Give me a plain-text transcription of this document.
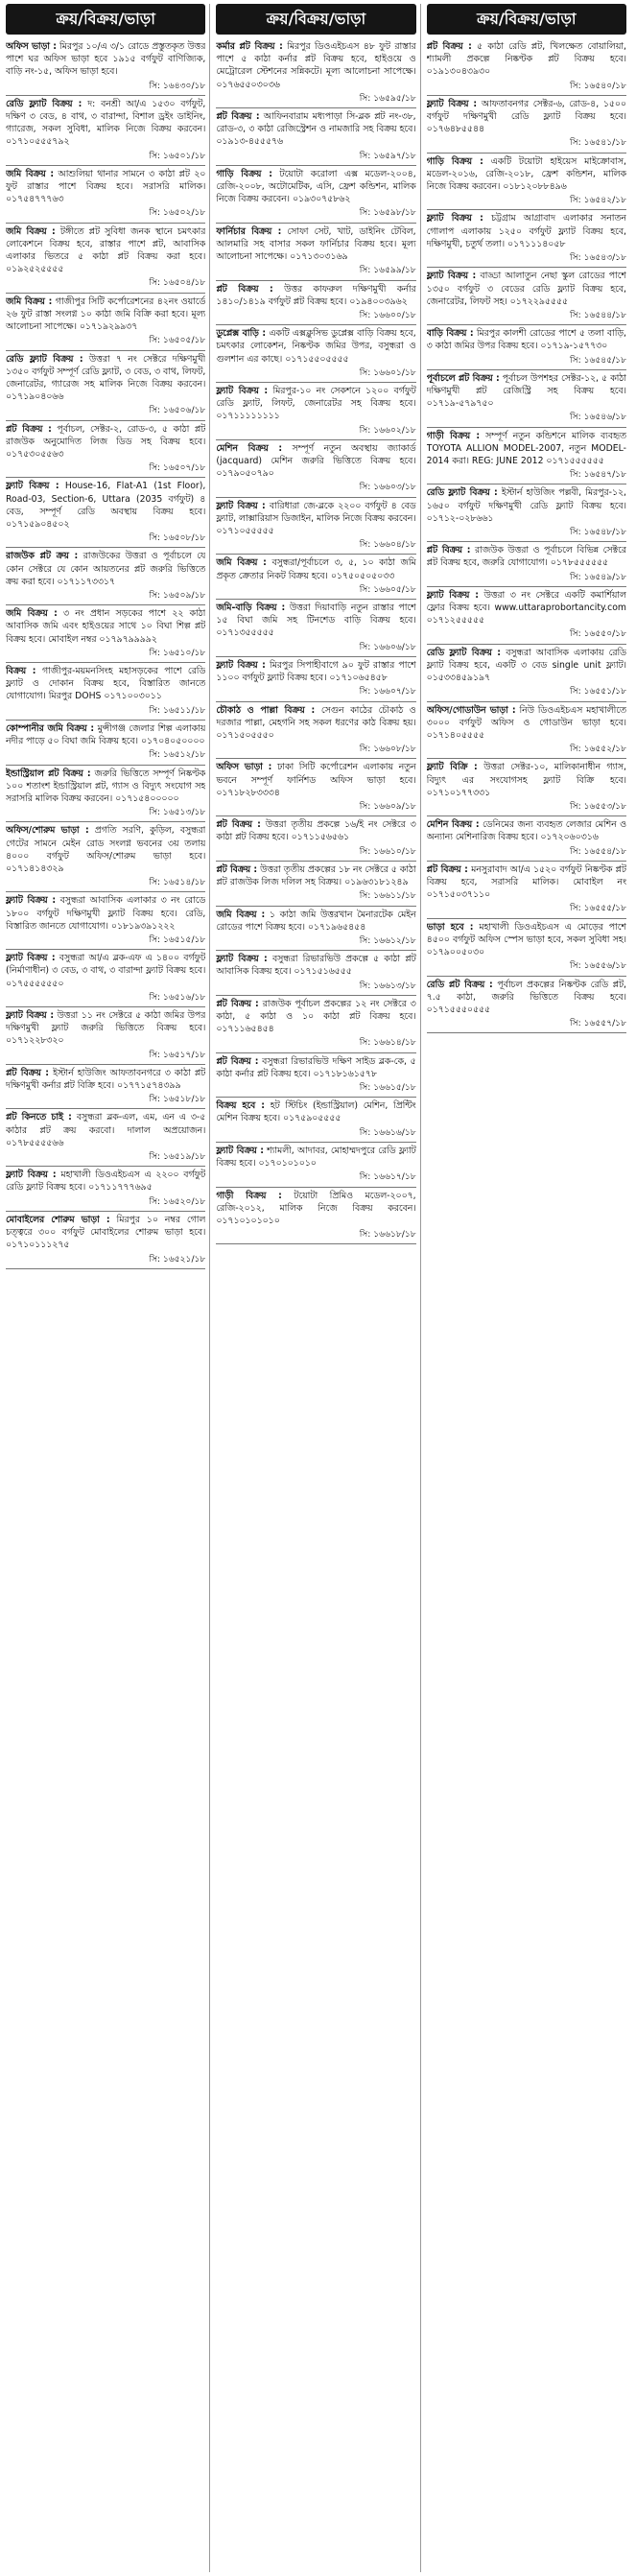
ক্রয়/বিক্রয়/ভাড়া
অফিস ভাড়া : মিরপুর ১০/এ ৩/১ রোডে প্রস্তুতকৃত উত্তর পাশে ঘর অফিস ভাড়া হবে ১৯১৫ বর্গফুট বাণিজ্যিক, বাড়ি নং-১৫, অফিস ভাড়া হবে।
সি: ১৬৪৩০/১৮
রেডি ফ্ল্যাট বিক্রয় : দ: বনশ্রী আ/এ ১৫৩০ বর্গফুট, দক্ষিণ ৩ বেড, ৪ বাথ, ৩ বারান্দা, বিশাল ড্রইং ডাইনিং, গ্যারেজ, সকল সুবিধা, মালিক নিজে বিক্রয় করবেন। ০১৭১০৫৫৫৭৯২
সি: ১৬৫০১/১৮
জমি বিক্রয় : আশুলিয়া থানার সামনে ৩ কাঠা প্লট ২০ ফুট রাস্তার পাশে বিক্রয় হবে। সরাসরি মালিক। ০১৭৫৪৭৭৭৬৩
সি: ১৬৫০২/১৮
জমি বিক্রয় : টঙ্গীতে প্লট সুবিধা জনক স্থানে চমৎকার লোকেশনে বিক্রয় হবে, রাস্তার পাশে প্লট, আবাসিক এলাকার ভিতরে ৫ কাঠা প্লট বিক্রয় করা হবে। ০১৯২৫২৫৫৫৫
সি: ১৬৫০৪/১৮
জমি বিক্রয় : গাজীপুর সিটি কর্পোরেশনের ৪২নং ওয়ার্ডে ২৬ ফুট রাস্তা সংলগ্ন ১০ কাঠা জমি বিক্রি করা হবে। মূল্য আলোচনা সাপেক্ষে। ০১৭১৯২৯৯৩৭
সি: ১৬৫০৫/১৮
রেডি ফ্ল্যাট বিক্রয় : উত্তরা ৭ নং সেক্টরে দক্ষিণমুখী ১৩৫০ বর্গফুট সম্পূর্ণ রেডি ফ্ল্যাট, ৩ বেড, ৩ বাথ, লিফট, জেনারেটর, গ্যারেজ সহ মালিক নিজে বিক্রয় করবেন। ০১৭১৯০৪০৬৬
সি: ১৬৫০৬/১৮
প্লট বিক্রয় : পূর্বাচল, সেক্টর-২, রোড-৩, ৫ কাঠা প্লট রাজউক অনুমোদিত লিজ ডিড সহ বিক্রয় হবে। ০১৭৫৩০৫৫৬৩
সি: ১৬৫০৭/১৮
ফ্ল্যাট বিক্রয় : House-16, Flat-A1 (1st Floor), Road-03, Section-6, Uttara (2035 বর্গফুট) ৪ বেড, সম্পূর্ণ রেডি অবস্থায় বিক্রয় হবে। ০১৭১৫৯০৪৫০২
সি: ১৬৫০৮/১৮
রাজউক প্লট ক্রয় : রাজউকের উত্তরা ও পূর্বাচলে যে কোন সেক্টরে যে কোন আয়তনের প্লট জরুরি ভিত্তিতে ক্রয় করা হবে। ০১৭১১৭৩৩১৭
সি: ১৬৫০৯/১৮
জমি বিক্রয় : ৩ নং প্রধান সড়কের পাশে ২২ কাঠা আবাসিক জমি এবং হাইওয়ের সাথে ১০ বিঘা শিল্প প্লট বিক্রয় হবে। মোবাইল নম্বর ০১৭৯৭৯৯৯৯২
সি: ১৬৫১০/১৮
বিক্রয় : গাজীপুর-ময়মনসিংহ মহাসড়কের পাশে রেডি ফ্ল্যাট ও দোকান বিক্রয় হবে, বিস্তারিত জানতে যোগাযোগ। মিরপুর DOHS ০১৭১০০৩০১১
সি: ১৬৫১১/১৮
কোম্পানীর জমি বিক্রয় : মুন্সীগঞ্জ জেলার শিল্প এলাকায় নদীর পাড়ে ৫০ বিঘা জমি বিক্রয় হবে। ০১৭০৪০৫০০০০
সি: ১৬৫১২/১৮
ইন্ডাস্ট্রিয়াল প্লট বিক্রয় : জরুরি ভিত্তিতে সম্পূর্ণ নিষ্কণ্টক ১০০ শতাংশ ইন্ডাস্ট্রিয়াল প্লট, গ্যাস ও বিদ্যুৎ সংযোগ সহ সরাসরি মালিক বিক্রয় করবেন। ০১৭১৫৪০০০০০
সি: ১৬৫১৩/১৮
অফিস/শোরুম ভাড়া : প্রগতি সরণি, কুড়িল, বসুন্ধরা গেটের সামনে মেইন রোড সংলগ্ন ভবনের ৩য় তলায় ৪০০০ বর্গফুট অফিস/শোরুম ভাড়া হবে। ০১৭১৪১৪৩২৯
সি: ১৬৫১৪/১৮
ফ্ল্যাট বিক্রয় : বসুন্ধরা আবাসিক এলাকার ৩ নং রোডে ১৮০০ বর্গফুট দক্ষিণমুখী ফ্ল্যাট বিক্রয় হবে। রেডি, বিস্তারিত জানতে যোগাযোগ। ০১৮১৯৩৯১২২২
সি: ১৬৫১৫/১৮
ফ্ল্যাট বিক্রয় : বসুন্ধরা আ/এ ব্লক-এফ এ ১৪০০ বর্গফুট (নির্মাণাধীন) ৩ বেড, ৩ বাথ, ৩ বারান্দা ফ্ল্যাট বিক্রয় হবে। ০১৭৫৫৫৫৫৫০
সি: ১৬৫১৬/১৮
ফ্ল্যাট বিক্রয় : উত্তরা ১১ নং সেক্টরে ৫ কাঠা জমির উপর দক্ষিণমুখী ফ্ল্যাট জরুরি ভিত্তিতে বিক্রয় হবে। ০১৭১২২৮৩২০
সি: ১৬৫১৭/১৮
প্লট বিক্রয় : ইস্টার্ন হাউজিং আফতাবনগরে ৩ কাঠা প্লট দক্ষিণমুখী কর্নার প্লট বিক্রি হবে। ০১৭৭১৫৭৪৩৯৯
সি: ১৬৫১৮/১৮
প্লট কিনতে চাই : বসুন্ধরা ব্লক-এল, এম, এন এ ৩-৫ কাঠার প্লট ক্রয় করবো। দালাল অপ্রয়োজন। ০১৭৮৫৫৫৫৬৬
সি: ১৬৫১৯/১৮
ফ্ল্যাট বিক্রয় : মহাখালী ডিওএইচএস এ ২২০০ বর্গফুট রেডি ফ্ল্যাট বিক্রয় হবে। ০১৭১১৭৭৭৬৯৫
সি: ১৬৫২০/১৮
মোবাইলের শোরুম ভাড়া : মিরপুর ১০ নম্বর গোল চত্ত্বরে ৩০০ বর্গফুট মোবাইলের শোরুম ভাড়া হবে। ০১৭১০১১১২৭৫
সি: ১৬৫২১/১৮
ক্রয়/বিক্রয়/ভাড়া
কর্মার প্লট বিক্রয় : মিরপুর ডিওএইচএস ৪৮ ফুট রাস্তার পাশে ৫ কাঠা কর্নার প্লট বিক্রয় হবে, হাইওয়ে ও মেট্রোরেল স্টেশনের সন্নিকটে। মূল্য আলোচনা সাপেক্ষে। ০১৭৬৫৫০৩০৩৬
সি: ১৬৫৯৫/১৮
প্লট বিক্রয় : আফিনবারাম মধ্যপাড়া সি-ব্লক প্লট নং-৩৮, রোড-৩, ৩ কাঠা রেজিস্ট্রেশন ও নামজারি সহ বিক্রয় হবে। ০১৯১৩-৪৫৫৫৭৬
সি: ১৬৫৯৭/১৮
গাড়ি বিক্রয় : টয়োটা করোলা এক্স মডেল-২০০৪, রেজি-২০০৮, অটোমেটিক, এসি, ফ্রেশ কন্ডিশন, মালিক নিজে বিক্রয় করবেন। ০১৯৩০৭৫৮৬২
সি: ১৬৫৯৮/১৮
ফার্নিচার বিক্রয় : সোফা সেট, খাট, ডাইনিং টেবিল, আলমারি সহ বাসার সকল ফার্নিচার বিক্রয় হবে। মূল্য আলোচনা সাপেক্ষে। ০১৭১৩০৩১৬৯
সি: ১৬৫৯৯/১৮
প্লট বিক্রয় : উত্তর কাফরুল দক্ষিণমুখী কর্নার ১৪১০/১৪১৯ বর্গফুট প্লট বিক্রয় হবে। ০১৯৪০০৩৯৬২
সি: ১৬৬০০/১৮
ডুপ্লেক্স বাড়ি : একটি এক্সক্লুসিভ ডুপ্লেক্স বাড়ি বিক্রয় হবে, চমৎকার লোকেশন, নিষ্কণ্টক জমির উপর, বসুন্ধরা ও গুলশান এর কাছে। ০১৭১৫৫০৫৫৫৫
সি: ১৬৬০১/১৮
ফ্ল্যাট বিক্রয় : মিরপুর-১০ নং সেকশনে ১২০০ বর্গফুট রেডি ফ্ল্যাট, লিফট, জেনারেটর সহ বিক্রয় হবে। ০১৭১১১১১১১১
সি: ১৬৬০২/১৮
মেশিন বিক্রয় : সম্পূর্ণ নতুন অবস্থায় জ্যাকার্ড (jacquard) মেশিন জরুরি ভিত্তিতে বিক্রয় হবে। ০১৭৯০৫০৭৯০
সি: ১৬৬০৩/১৮
ফ্ল্যাট বিক্রয় : বারিধারা জে-ব্লকে ২২০০ বর্গফুট ৪ বেড ফ্ল্যাট, লাক্সারিয়াস ডিজাইন, মালিক নিজে বিক্রয় করবেন। ০১৭১০৫৫৫৫৫
সি: ১৬৬০৪/১৮
জমি বিক্রয় : বসুন্ধরা/পূর্বাচলে ৩, ৫, ১০ কাঠা জমি প্রকৃত ক্রেতার নিকট বিক্রয় হবে। ০১৭৫০৫০৫০৩৩
সি: ১৬৬০৫/১৮
জমি-বাড়ি বিক্রয় : উত্তরা দিয়াবাড়ি নতুন রাস্তার পাশে ১৫ বিঘা জমি সহ টিনশেড বাড়ি বিক্রয় হবে। ০১৭১৩৫৫৫৫৫
সি: ১৬৬০৬/১৮
ফ্ল্যাট বিক্রয় : মিরপুর সিপাহীবাগে ৯০ ফুট রাস্তার পাশে ১১০০ বর্গফুট ফ্ল্যাট বিক্রয় হবে। ০১৭১০৬৫৪৫৮
সি: ১৬৬০৭/১৮
চৌকাঠ ও পাল্লা বিক্রয় : সেগুন কাঠের চৌকাঠ ও দরজার পাল্লা, মেহগনি সহ সকল ধরণের কাঠ বিক্রয় হয়। ০১৭১৫০৫৫৫০
সি: ১৬৬০৮/১৮
অফিস ভাড়া : ঢাকা সিটি কর্পোরেশন এলাকায় নতুন ভবনে সম্পূর্ণ ফার্নিশড অফিস ভাড়া হবে। ০১৭১৮২৮৩৩৩৪
সি: ১৬৬০৯/১৮
প্লট বিক্রয় : উত্তরা তৃতীয় প্রকল্পে ১৬/ই নং সেক্টরে ৩ কাঠা প্লট বিক্রয় হবে। ০১৭১১৫৬৫৬১
সি: ১৬৬১০/১৮
প্লট বিক্রয় : উত্তরা তৃতীয় প্রকল্পের ১৮ নং সেক্টরে ৫ কাঠা প্লট রাজউক লিজ দলিল সহ বিক্রয়। ০১৯৬৩১৮১২৪৯
সি: ১৬৬১১/১৮
জমি বিক্রয় : ১ কাঠা জমি উত্তরখান মৈনারটেক মেইন রোডের পাশে বিক্রয় হবে। ০১৭১৯৬৫৪৫৪
সি: ১৬৬১২/১৮
ফ্ল্যাট বিক্রয় : বসুন্ধরা রিভারভিউ প্রকল্পে ৫ কাঠা প্লট আবাসিক বিক্রয় হবে। ০১৭১৫১৬৫৫৫
সি: ১৬৬১৩/১৮
প্লট বিক্রয় : রাজউক পূর্বাচল প্রকল্পের ১২ নং সেক্টরে ৩ কাঠা, ৫ কাঠা ও ১০ কাঠা প্লট বিক্রয় হবে। ০১৭১১৬৫৪৫৪
সি: ১৬৬১৪/১৮
প্লট বিক্রয় : বসুন্ধরা রিভারভিউ দক্ষিণ সাইড ব্লক-কে, ৫ কাঠা কর্নার প্লট বিক্রয় হবে। ০১৭১৮১৬১৫৭৮
সি: ১৬৬১৫/১৮
বিক্রয় হবে : হট স্টিচিং (ইন্ডাস্ট্রিয়াল) মেশিন, প্রিন্টিং মেশিন বিক্রয় হবে। ০১৭৫৯০৫৫৫৫
সি: ১৬৬১৬/১৮
ফ্ল্যাট বিক্রয় : শ্যামলী, আদাবর, মোহাম্মদপুরে রেডি ফ্ল্যাট বিক্রয় হবে। ০১৭০১০১০১০
সি: ১৬৬১৭/১৮
গাড়ী বিক্রয় : টয়োটা প্রিমিও মডেল-২০০৭, রেজি-২০১২, মালিক নিজে বিক্রয় করবেন। ০১৭১০১০১০১০
সি: ১৬৬১৮/১৮
ক্রয়/বিক্রয়/ভাড়া
প্লট বিক্রয় : ৫ কাঠা রেডি প্লট, খিলক্ষেত বোয়ালিয়া, শ্যামলী প্রকল্পে নিষ্কণ্টক প্লট বিক্রয় হবে। ০১৯১৩০৪৩৯৩০
সি: ১৬৫৪০/১৮
ফ্ল্যাট বিক্রয় : আফতাবনগর সেক্টর-৬, রোড-৪, ১৫০০ বর্গফুট দক্ষিণমুখী রেডি ফ্ল্যাট বিক্রয় হবে। ০১৭৬৪৮৫৫৪৪
সি: ১৬৫৪১/১৮
গাড়ি বিক্রয় : একটি টয়োটা হাইয়েস মাইক্রোবাস, মডেল-২০১৬, রেজি-২০১৮, ফ্রেশ কন্ডিশন, মালিক নিজে বিক্রয় করবেন। ০১৮১২০৮৮৪৯৬
সি: ১৬৫৪২/১৮
ফ্ল্যাট বিক্রয় : চট্টগ্রাম আগ্রাবাদ এলাকার সনাতন গোলাপ এলাকায় ১২৫০ বর্গফুট ফ্ল্যাট বিক্রয় হবে, দক্ষিণমুখী, চতুর্থ তলা। ০১৭১১১৪০৫৮
সি: ১৬৫৪৩/১৮
ফ্ল্যাট বিক্রয় : বাড্ডা আলাতুন নেছা স্কুল রোডের পাশে ১৩৫০ বর্গফুট ৩ বেডের রেডি ফ্ল্যাট বিক্রয় হবে, জেনারেটর, লিফট সহ। ০১৭২২৯৫৫৫৫
সি: ১৬৫৪৪/১৮
বাড়ি বিক্রয় : মিরপুর কালশী রোডের পাশে ৫ তলা বাড়ি, ৩ কাঠা জমির উপর বিক্রয় হবে। ০১৭১৯-১৫৭৭৩০
সি: ১৬৫৪৫/১৮
পূর্বাচলে প্লট বিক্রয় : পূর্বাচল উপশহর সেক্টর-১২, ৫ কাঠা দক্ষিণমুখী প্লট রেজিস্ট্রি সহ বিক্রয় হবে। ০১৭১৯-৫৭৯৭৫০
সি: ১৬৫৪৬/১৮
গাড়ী বিক্রয় : সম্পূর্ণ নতুন কন্ডিশনে মালিক ব্যবহৃত TOYOTA ALLION MODEL-2007, নতুন MODEL-2014 করা। REG: JUNE 2012 ০১৭১৫৫৫৫৫৫
সি: ১৬৫৪৭/১৮
রেডি ফ্ল্যাট বিক্রয় : ইস্টার্ন হাউজিং পল্লবী, মিরপুর-১২, ১৬৫০ বর্গফুট দক্ষিণমুখী রেডি ফ্ল্যাট বিক্রয় হবে। ০১৭১২-০২৮৬৬১
সি: ১৬৫৪৮/১৮
প্লট বিক্রয় : রাজউক উত্তরা ও পূর্বাচলে বিভিন্ন সেক্টরে প্লট বিক্রয় হবে, জরুরি যোগাযোগ। ০১৭৮৫৫৫৫৫৫
সি: ১৬৫৪৯/১৮
ফ্ল্যাট বিক্রয় : উত্তরা ৩ নং সেক্টরে একটি কমার্শিয়াল ফ্লোর বিক্রয় হবে। www.uttaraprobortancity.com ০১৭১২৫৫৫৫৫
সি: ১৬৫৫০/১৮
রেডি ফ্ল্যাট বিক্রয় : বসুন্ধরা আবাসিক এলাকায় রেডি ফ্ল্যাট বিক্রয় হবে, একটি ৩ বেড single unit ফ্ল্যাট। ০১৫৩৩৪৫৯১৯৭
সি: ১৬৫৫১/১৮
অফিস/গোডাউন ভাড়া : নিউ ডিওএইচএস মহাখালীতে ৩০০০ বর্গফুট অফিস ও গোডাউন ভাড়া হবে। ০১৭১৪০৫৫৫৫
সি: ১৬৫৫২/১৮
ফ্ল্যাট বিক্রি : উত্তরা সেক্টর-১০, মালিকানাধীন গ্যাস, বিদ্যুৎ এর সংযোগসহ ফ্ল্যাট বিক্রি হবে। ০১৭১০১৭৭৩৩১
সি: ১৬৫৫৩/১৮
মেশিন বিক্রয় : ডেনিমের জন্য ব্যবহৃত লেজার মেশিন ও অন্যান্য মেশিনারিজ বিক্রয় হবে। ০১৭২০৬০৩১৬
সি: ১৬৫৫৪/১৮
প্লট বিক্রয় : মনসুরাবাদ আ/এ ১৫২০ বর্গফুট নিষ্কণ্টক প্লট বিক্রয় হবে, সরাসরি মালিক। মোবাইল নং ০১৭১৫০৩৭১১০
সি: ১৬৫৫৫/১৮
ভাড়া হবে : মহাখালী ডিওএইচএস এ মোড়ের পাশে ৪৫০০ বর্গফুট অফিস স্পেস ভাড়া হবে, সকল সুবিধা সহ। ০১৭৯০০৫০৩০
সি: ১৬৫৫৬/১৮
রেডি প্লট বিক্রয় : পূর্বাচল প্রকল্পের নিষ্কণ্টক রেডি প্লট, ৭.৫ কাঠা, জরুরি ভিত্তিতে বিক্রয় হবে। ০১৭১৫৫৫০৫৫৫
সি: ১৬৫৫৭/১৮
